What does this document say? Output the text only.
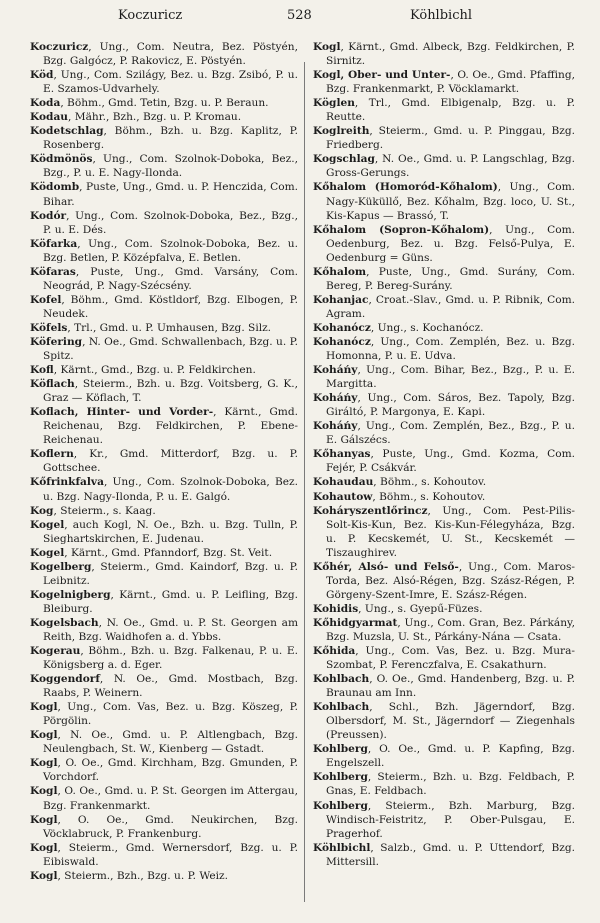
Koczuricz	528	Köhlbichl

Koczuricz, Ung., Com. Neutra, Bez. Pöstyén, Bzg. Galgócz, P. Rakovicz, E. Pöstyén.

Köd, Ung., Com. Szilágy, Bez. u. Bzg. Zsibó, P. u. E. Szamos-Udvarhely.

Koda, Böhm., Gmd. Tetin, Bzg. u. P. Beraun.

Kodau, Mähr., Bzh., Bzg. u. P. Kromau.

Kodetschlag, Böhm., Bzh. u. Bzg. Kaplitz, P. Rosenberg.

Ködmönös, Ung., Com. Szolnok-Doboka, Bez., Bzg., P. u. E. Nagy-Ilonda.

Ködomb, Puste, Ung., Gmd. u. P. Henczida, Com. Bihar.

Kodór, Ung., Com. Szolnok-Doboka, Bez., Bzg., P. u. E. Dés.

Köfarka, Ung., Com. Szolnok-Doboka, Bez. u. Bzg. Betlen, P. Középfalva, E. Betlen.

Köfaras, Puste, Ung., Gmd. Varsány, Com. Neográd, P. Nagy-Szécsény.

Kofel, Böhm., Gmd. Köstldorf, Bzg. Elbogen, P. Neudek.

Köfels, Trl., Gmd. u. P. Umhausen, Bzg. Silz.

Köfering, N. Oe., Gmd. Schwallenbach, Bzg. u. P. Spitz.

Kofl, Kärnt., Gmd., Bzg. u. P. Feldkirchen.

Köflach, Steierm., Bzh. u. Bzg. Voitsberg, G. K., Graz — Köflach, T.

Koflach, Hinter- und Vorder-, Kärnt., Gmd. Reichenau, Bzg. Feldkirchen, P. Ebene-Reichenau.

Koflern, Kr., Gmd. Mitterdorf, Bzg. u. P. Gottschee.

Kőfrinkfalva, Ung., Com. Szolnok-Doboka, Bez. u. Bzg. Nagy-Ilonda, P. u. E. Galgó.

Kog, Steierm., s. Kaag.

Kogel, auch Kogl, N. Oe., Bzh. u. Bzg. Tulln, P. Sieghartskirchen, E. Judenau.

Kogel, Kärnt., Gmd. Pfanndorf, Bzg. St. Veit.

Kogelberg, Steierm., Gmd. Kaindorf, Bzg. u. P. Leibnitz.

Kogelnigberg, Kärnt., Gmd. u. P. Leifling, Bzg. Bleiburg.

Kogelsbach, N. Oe., Gmd. u. P. St. Georgen am Reith, Bzg. Waidhofen a. d. Ybbs.

Kogerau, Böhm., Bzh. u. Bzg. Falkenau, P. u. E. Königsberg a. d. Eger.

Koggendorf, N. Oe., Gmd. Mostbach, Bzg. Raabs, P. Weinern.

Kogl, Ung., Com. Vas, Bez. u. Bzg. Köszeg, P. Pörgölin.

Kogl, N. Oe., Gmd. u. P. Altlengbach, Bzg. Neulengbach, St. W., Kienberg — Gstadt.

Kogl, O. Oe., Gmd. Kirchham, Bzg. Gmunden, P. Vorchdorf.

Kogl, O. Oe., Gmd. u. P. St. Georgen im Attergau, Bzg. Frankenmarkt.

Kogl, O. Oe., Gmd. Neukirchen, Bzg. Vöcklabruck, P. Frankenburg.

Kogl, Steierm., Gmd. Wernersdorf, Bzg. u. P. Eibiswald.

Kogl, Steierm., Bzh., Bzg. u. P. Weiz.

Kogl, Kärnt., Gmd. Albeck, Bzg. Feldkirchen, P. Sirnitz.

Kogl, Ober- und Unter-, O. Oe., Gmd. Pfaffing, Bzg. Frankenmarkt, P. Vöcklamarkt.

Köglen, Trl., Gmd. Elbigenalp, Bzg. u. P. Reutte.

Koglreith, Steierm., Gmd. u. P. Pinggau, Bzg. Friedberg.

Kogschlag, N. Oe., Gmd. u. P. Langschlag, Bzg. Gross-Gerungs.

Kőhalom (Homoród-Kőhalom), Ung., Com. Nagy-Küküllő, Bez. Kőhalm, Bzg. loco, U. St., Kis-Kapus — Brassó, T.

Kőhalom (Sopron-Kőhalom), Ung., Com. Oedenburg, Bez. u. Bzg. Felső-Pulya, E. Oedenburg = Güns.

Kőhalom, Puste, Ung., Gmd. Surány, Com. Bereg, P. Bereg-Surány.

Kohanjac, Croat.-Slav., Gmd. u. P. Ribnik, Com. Agram.

Kohanócz, Ung., s. Kochanócz.

Kohanócz, Ung., Com. Zemplén, Bez. u. Bzg. Homonna, P. u. E. Udva.

Koháńy, Ung., Com. Bihar, Bez., Bzg., P. u. E. Margitta.

Koháńy, Ung., Com. Sáros, Bez. Tapoly, Bzg. Giráltó, P. Margonya, E. Kapi.

Koháńy, Ung., Com. Zemplén, Bez., Bzg., P. u. E. Gálszécs.

Kőhanyas, Puste, Ung., Gmd. Kozma, Com. Fejér, P. Csákvár.

Kohaudau, Böhm., s. Kohoutov.

Kohautow, Böhm., s. Kohoutov.

Koháryszentlőrincz, Ung., Com. Pest-Pilis-Solt-Kis-Kun, Bez. Kis-Kun-Félegyháza, Bzg. u. P. Kecskemét, U. St., Kecskemét — Tiszaughirev.

Kőhér, Alsó- und Felső-, Ung., Com. Maros-Torda, Bez. Alsó-Régen, Bzg. Szász-Régen, P. Görgeny-Szent-Imre, E. Szász-Régen.

Kohidis, Ung., s. Gyepű-Füzes.

Kőhidgyarmat, Ung., Com. Gran, Bez. Párkány, Bzg. Muzsla, U. St., Párkány-Nána — Csata.

Kőhida, Ung., Com. Vas, Bez. u. Bzg. Mura-Szombat, P. Ferenczfalva, E. Csakathurn.

Kohlbach, O. Oe., Gmd. Handenberg, Bzg. u. P. Braunau am Inn.

Kohlbach, Schl., Bzh. Jägerndorf, Bzg. Olbersdorf, M. St., Jägerndorf — Ziegenhals (Preussen).

Kohlberg, O. Oe., Gmd. u. P. Kapfing, Bzg. Engelszell.

Kohlberg, Steierm., Bzh. u. Bzg. Feldbach, P. Gnas, E. Feldbach.

Kohlberg, Steierm., Bzh. Marburg, Bzg. Windisch-Feistritz, P. Ober-Pulsgau, E. Pragerhof.

Köhlbichl, Salzb., Gmd. u. P. Uttendorf, Bzg. Mittersill.
